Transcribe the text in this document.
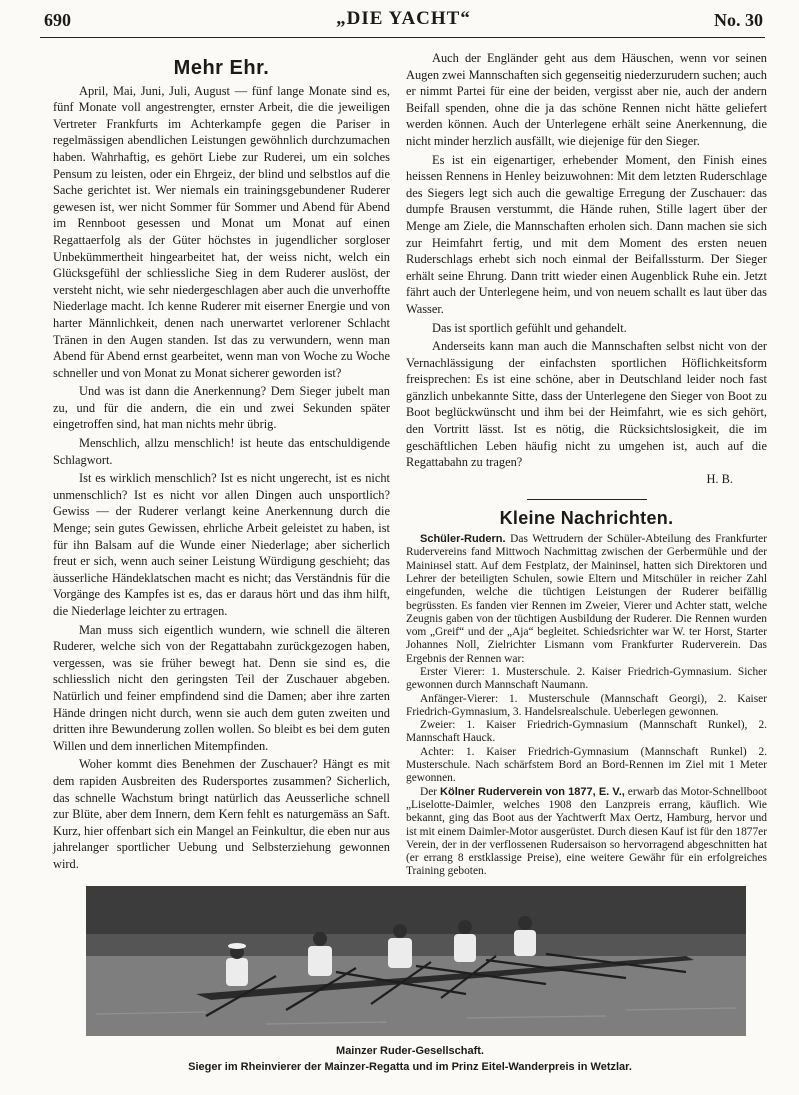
690	„DIE YACHT“	No. 30
Mehr Ehr.

April, Mai, Juni, Juli, August — fünf lange Monate sind es, fünf Monate voll angestrengter, ernster Arbeit, die die jeweiligen Vertreter Frankfurts im Achterkampfe gegen die Pariser in regelmässigen abendlichen Leistungen gewöhnlich durchzumachen haben. Wahrhaftig, es gehört Liebe zur Ruderei, um ein solches Pensum zu leisten, oder ein Ehrgeiz, der blind und selbstlos auf die Sache gerichtet ist. Wer niemals ein trainingsgebundener Ruderer gewesen ist, wer nicht Sommer für Sommer und Abend für Abend im Rennboot gesessen und Monat um Monat auf einen Regattaerfolg als der Güter höchstes in jugendlicher sorgloser Unbekümmertheit hingearbeitet hat, der weiss nicht, welch ein Glücksgefühl der schliessliche Sieg in dem Ruderer auslöst, der versteht nicht, wie sehr niedergeschlagen aber auch die unverhoffte Niederlage macht. Ich kenne Ruderer mit eiserner Energie und von harter Männlichkeit, denen nach unerwartet verlorener Schlacht Tränen in den Augen standen. Ist das zu verwundern, wenn man Abend für Abend ernst gearbeitet, wenn man von Woche zu Woche schneller und von Monat zu Monat sicherer geworden ist?

Und was ist dann die Anerkennung? Dem Sieger jubelt man zu, und für die andern, die ein und zwei Sekunden später eingetroffen sind, hat man nichts mehr übrig.

Menschlich, allzu menschlich! ist heute das entschuldigende Schlagwort.

Ist es wirklich menschlich? Ist es nicht ungerecht, ist es nicht unmenschlich? Ist es nicht vor allen Dingen auch unsportlich? Gewiss — der Ruderer verlangt keine Anerkennung durch die Menge; sein gutes Gewissen, ehrliche Arbeit geleistet zu haben, ist für ihn Balsam auf die Wunde einer Niederlage; aber sicherlich freut er sich, wenn auch seiner Leistung Würdigung geschieht; das äusserliche Händeklatschen macht es nicht; das Verständnis für die Vorgänge des Kampfes ist es, das er daraus hört und das ihm hilft, die Niederlage leichter zu ertragen.

Man muss sich eigentlich wundern, wie schnell die älteren Ruderer, welche sich von der Regattabahn zurückgezogen haben, vergessen, was sie früher bewegt hat. Denn sie sind es, die schliesslich nicht den geringsten Teil der Zuschauer abgeben. Natürlich und feiner empfindend sind die Damen; aber ihre zarten Hände dringen nicht durch, wenn sie auch dem guten zweiten und dritten ihre Bewunderung zollen wollen. So bleibt es bei dem guten Willen und dem innerlichen Mitempfinden.

Woher kommt dies Benehmen der Zuschauer? Hängt es mit dem rapiden Ausbreiten des Rudersportes zusammen? Sicherlich, das schnelle Wachstum bringt natürlich das Aeusserliche schnell zur Blüte, aber dem Innern, dem Kern fehlt es naturgemäss an Saft. Kurz, hier offenbart sich ein Mangel an Feinkultur, die eben nur aus jahrelanger sportlicher Uebung und Selbsterziehung gewonnen wird.

Auch der Engländer geht aus dem Häuschen, wenn vor seinen Augen zwei Mannschaften sich gegenseitig niederzurudern suchen; auch er nimmt Partei für eine der beiden, vergisst aber nie, auch der andern Beifall spenden, ohne die ja das schöne Rennen nicht hätte geliefert werden können. Auch der Unterlegene erhält seine Anerkennung, die nicht minder herzlich ausfällt, wie diejenige für den Sieger.

Es ist ein eigenartiger, erhebender Moment, den Finish eines heissen Rennens in Henley beizuwohnen: Mit dem letzten Ruderschlage des Siegers legt sich auch die gewaltige Erregung der Zuschauer: das dumpfe Brausen verstummt, die Hände ruhen, Stille lagert über der Menge am Ziele, die Mannschaften erholen sich. Dann machen sie sich zur Heimfahrt fertig, und mit dem Moment des ersten neuen Ruderschlags erhebt sich noch einmal der Beifallssturm. Der Sieger erhält seine Ehrung. Dann tritt wieder einen Augenblick Ruhe ein. Jetzt fährt auch der Unterlegene heim, und von neuem schallt es laut über das Wasser.

Das ist sportlich gefühlt und gehandelt.

Anderseits kann man auch die Mannschaften selbst nicht von der Vernachlässigung der einfachsten sportlichen Höflichkeitsform freisprechen: Es ist eine schöne, aber in Deutschland leider noch fast gänzlich unbekannte Sitte, dass der Unterlegene den Sieger von Boot zu Boot beglückwünscht und ihm bei der Heimfahrt, wie es sich gehört, den Vortritt lässt. Ist es nötig, die Rücksichtslosigkeit, die im geschäftlichen Leben häufig nicht zu umgehen ist, auch auf die Regattabahn zu tragen?

H. B.
Kleine Nachrichten.

Schüler-Rudern. Das Wettrudern der Schüler-Abteilung des Frankfurter Rudervereins fand Mittwoch Nachmittag zwischen der Gerbermühle und der Mainінsel statt. Auf dem Festplatz, der Maininsel, hatten sich Direktoren und Lehrer der beteiligten Schulen, sowie Eltern und Mitschüler in reicher Zahl eingefunden, welche die tüchtigen Leistungen der Ruderer beifällig begrüssten. Es fanden vier Rennen im Zweier, Vierer und Achter statt, welche Zeugnis gaben von der tüchtigen Ausbildung der Ruderer. Die Rennen wurden vom „Greif“ und der „Aja“ begleitet. Schiedsrichter war W. ter Horst, Starter Johannes Noll, Zielrichter Lismann vom Frankfurter Ruderverein. Das Ergebnis der Rennen war:

Erster Vierer: 1. Musterschule. 2. Kaiser Friedrich-Gymnasium. Sicher gewonnen durch Mannschaft Naumann.

Anfänger-Vierer: 1. Musterschule (Mannschaft Georgi), 2. Kaiser Friedrich-Gymnasium, 3. Handelsrealschule. Ueberlegen gewonnen.

Zweier: 1. Kaiser Friedrich-Gymnasium (Mannschaft Runkel), 2. Mannschaft Hauck.

Achter: 1. Kaiser Friedrich-Gymnasium (Mannschaft Runkel) 2. Musterschule. Nach schärfstem Bord an Bord-Rennen im Ziel mit 1 Meter gewonnen.

Der Kölner Ruderverein von 1877, E. V., erwarb das Motor-Schnellboot „Liselotte-Daimler, welches 1908 den Lanzpreis errang, käuflich. Wie bekannt, ging das Boot aus der Yachtwerft Max Oertz, Hamburg, hervor und ist mit einem Daimler-Motor ausgerüstet. Durch diesen Kauf ist für den 1877er Verein, der in der verflossenen Rudersaison so hervorragend abgeschnitten hat (er errang 8 erstklassige Preise), eine weitere Gewähr für ein erfolgreiches Training geboten.

Mainzer Ruder-Gesellschaft.
Sieger im Rheinvierer der Mainzer-Regatta und im Prinz Eitel-Wanderpreis in Wetzlar.
